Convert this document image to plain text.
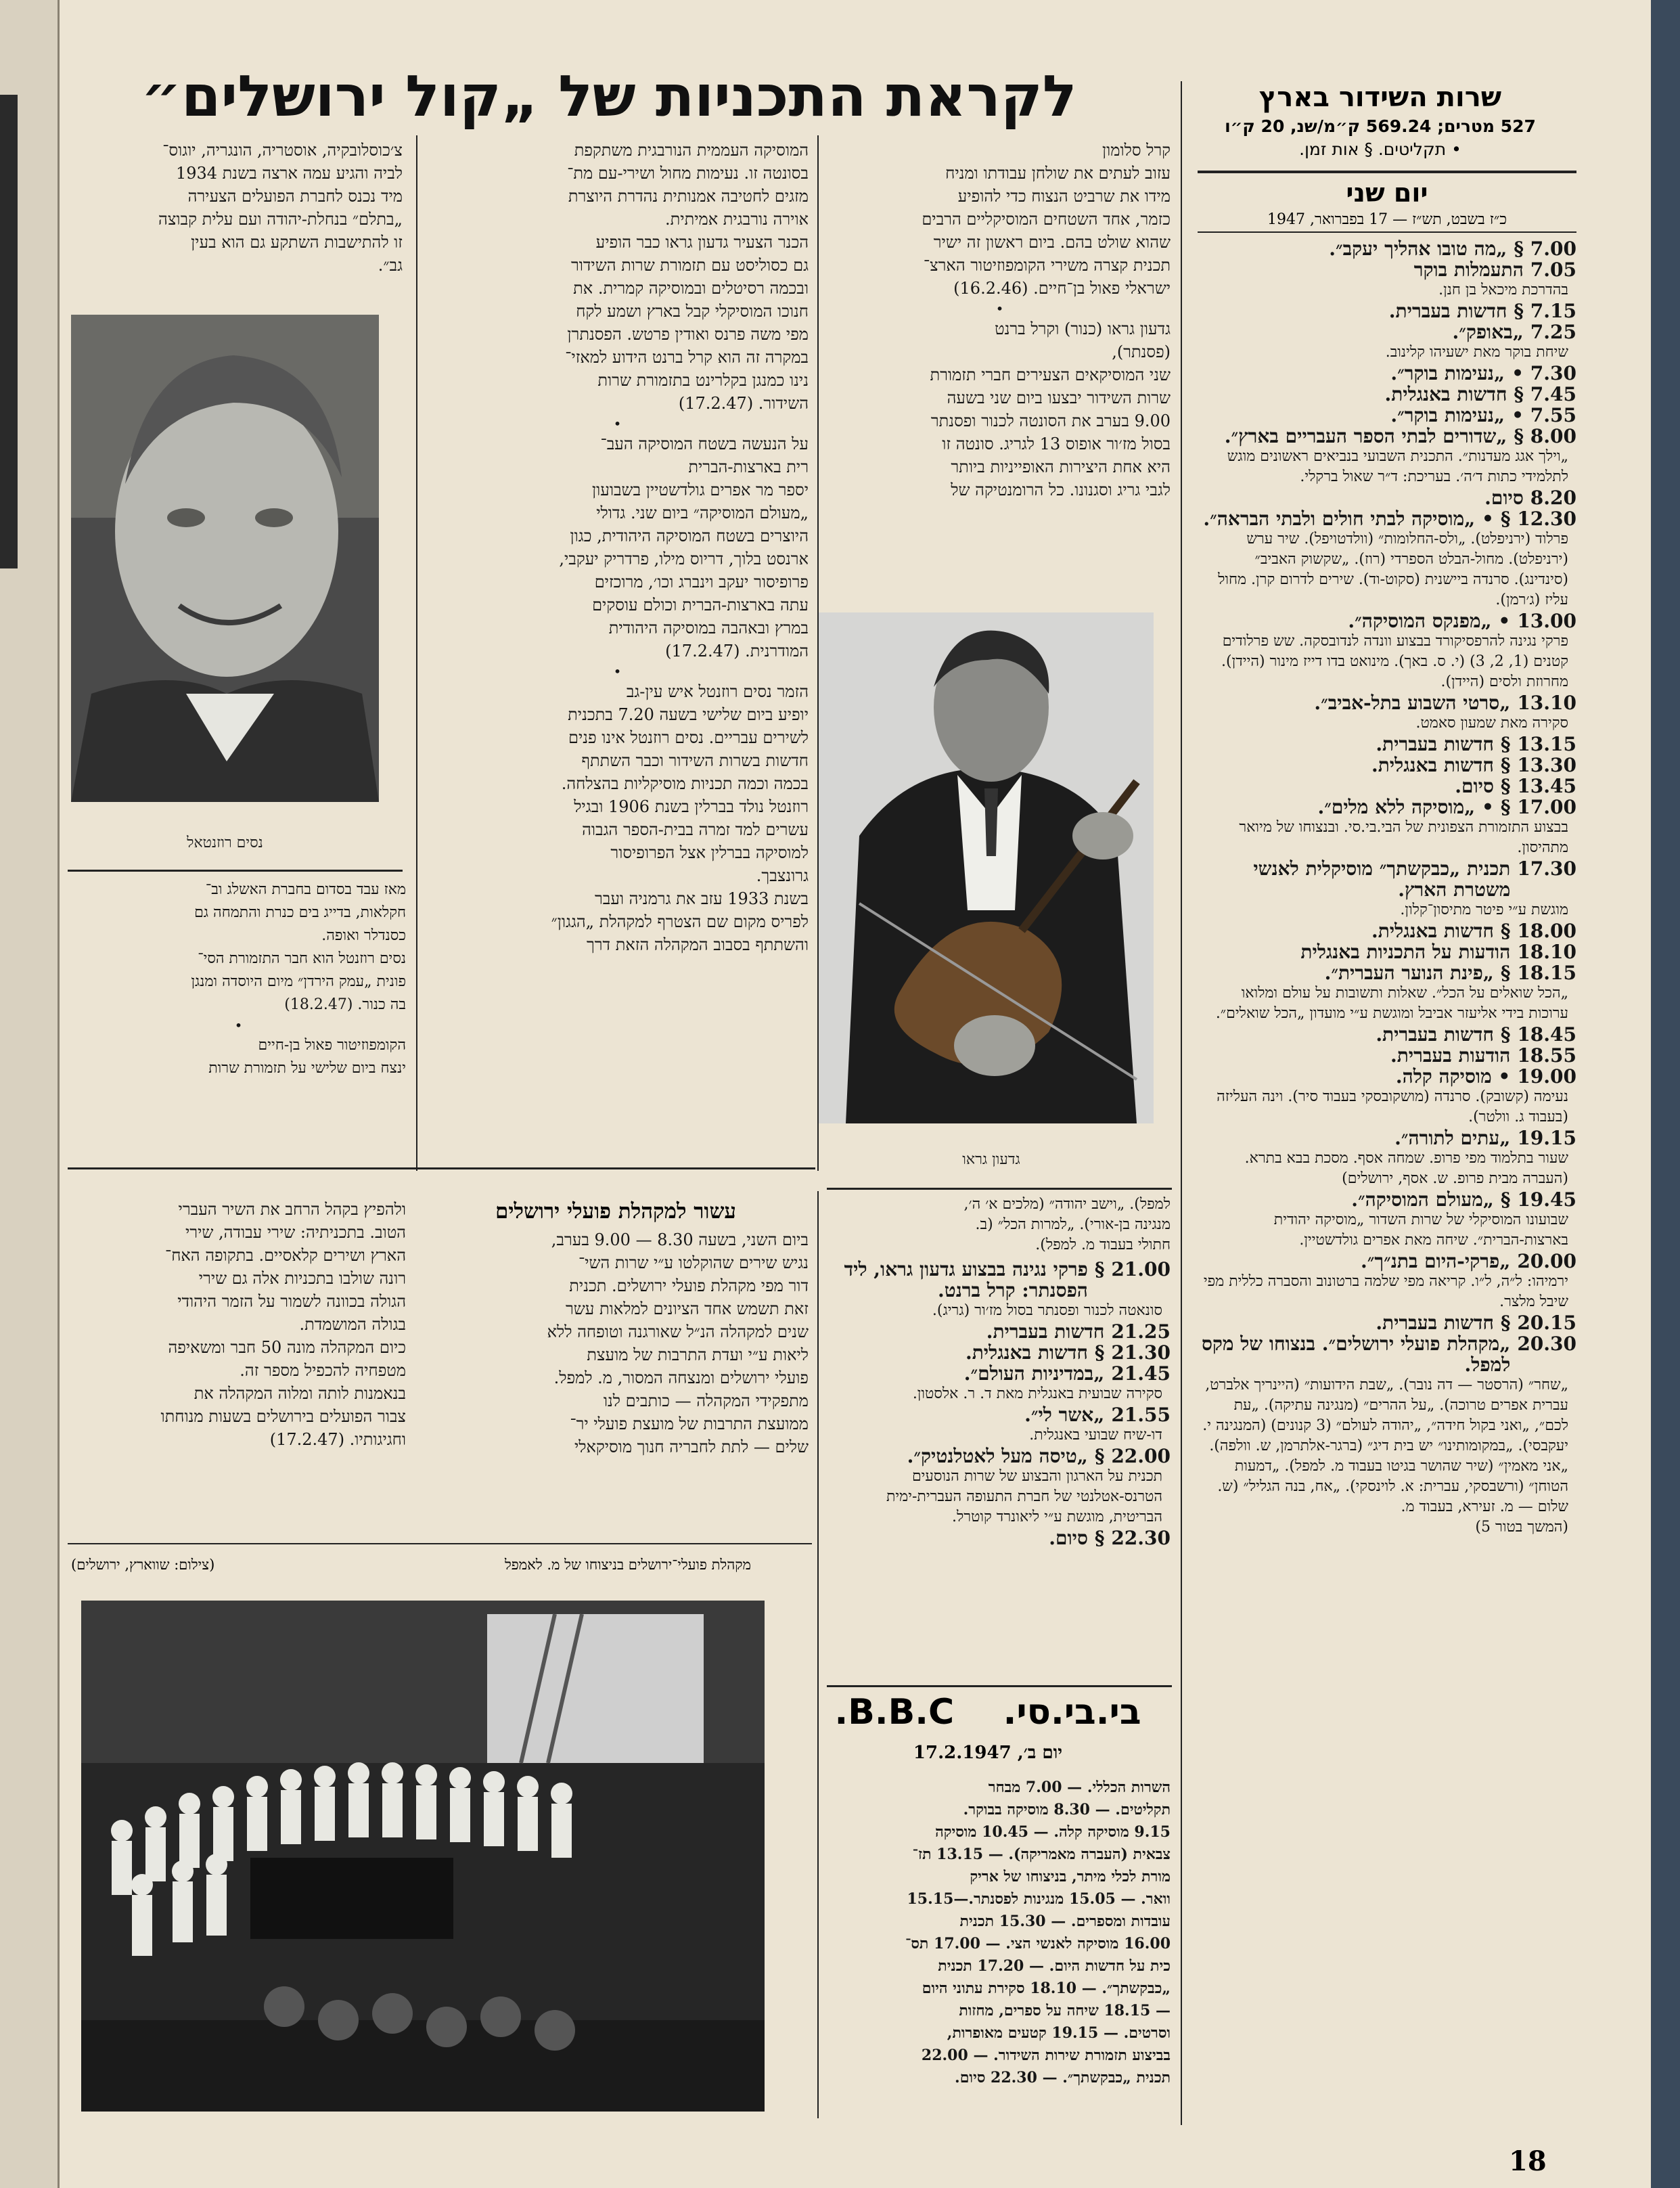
לקראת התכניות של „קול ירושלים״	שרות השידור בארץ
527 מטרים; 569.24 ק״מ/שנ, 20 ק״ו
• תקליטים. § אות זמן.
יום שני
כ״ז בשבט, תש״ז — 17 בפברואר, 1947
7.00 §
„מה טובו אהליך יעקב״.
7.05
התעמלות בוקר
בהדרכת מיכאל בן חנן.
7.15 §
חדשות בעברית.
7.25
„באופק״.
שיחת בוקר מאת ישעיהו קלינוב.
7.30 •
„נעימות בוקר״.
7.45 §
חדשות באנגלית.
7.55 •
„נעימות בוקר״.
8.00 §
„שדורים לבתי הספר העבריים בארץ״.
„וילך אגג מעדנות״. התכנית השבועי בנביאים ראשונים מוגש לתלמידי כתות ד׳ה׳. בעריכת: ד״ר שאול ברקלי.
8.20
סיום.
12.30 §
• „מוסיקה לבתי חולים ולבתי הבראה״.
פרלוד (ירניפלט). „ולס-החלומות״ (וולדטויפל). שיר ערש (ירניפלט). מחול-הבלט הספרדי (רוז). „שקשוק האביב״ (סינדינג). סרנדה ביישנית (סקוט-וד). שירים לדרום קרן. מחול עליז (ג׳רמן).
13.00
• „מפנקס המוסיקה״.
פרקי נגינה להרפסיקורד בבצוע וונדה לנדובסקה. שש פרלודים קטנים (1, 2, 3) (י. ס. באך). מינואט בדו דייז מינור (היידן). מחרוזת ולסים (היידן).
13.10
„סרטי השבוע בתל-אביב״.
סקירה מאת שמעון סאמט.
13.15 §
חדשות בעברית.
13.30 §
חדשות באנגלית.
13.45 §
סיום.
17.00 §
• „מוסיקה ללא מלים״.
בבצוע התזמורת הצפונית של הבי.בי.סי. ובנצוחו של מיואר מתהיסון.
17.30
תכנית „כבקשתך״ מוסיקלית לאנשי משטרת הארץ.
מוגשת ע״י פיטר מתיסון־קלון.
18.00 §
חדשות באנגלית.
18.10
הודעות על התכניות באנגלית
18.15 §
„פינת הנוער העברית״.
„הכל שואלים על הכל״. שאלות ותשובות על עולם ומלואו ערוכות בידי אליעזר אביבל ומוגשת ע״י מועדון „הכל שואלים״.
18.45 §
חדשות בעברית.
18.55
הודעות בעברית.
19.00
• מוסיקה קלה.
נעימה (קשובק). סרנדה (מושקובסקי בעבוד סיר). וינה העליזה (בעבוד ג. וולטר).
19.15
„עתים לתורה״.
שעור בתלמוד מפי פרופ. שמחה אסף. מסכת בבא בתרא. (העברה מבית פרופ. ש. אסף, ירושלים)
19.45 §
„מעולם המוסיקה״.
שבועונו המוסיקלי של שרות השדור „מוסיקה יהודית בארצות-הברית״. שיחה מאת אפרים גולדשטיין.
20.00
„פרקי-היום בתנ״ך״.
ירמיהו: ל״ה, ל״ו. קריאה מפי שלמה ברטונוב והסברה כללית מפי שיבל מלצר.
20.15 §
חדשות בעברית.
20.30
„מקהלת פועלי ירושלים״. בנצוחו של מקס למפל.
„שחר״ (הרסטר — דה נובר). „שבת הידועות״ (היינריך אלברט, עברית אפרים טרוכה). „על ההרים״ (מנגינה עתיקה). „עת לכם״, „ואני בקול חידה״, „יהודה לעולם״ (3 קנונים) (המנגינה י. יעקבסי). „במקומותינו״ יש בית דיג״ (ברגר-אלתרמן, ש. וולפה). „אני מאמין״ (שיר שהושר בגיטו בעבוד מ. למפל). „דמעות הטוחן״ (ורשבסקי, עברית: א. לוינסקי). „אח, בנה הגליל״ (ש. שלום — מ. זעירא, בעבוד מ.
(המשך בטור 5)
קרל סלומון
עזוב לעתים את שולחן עבודתו ומניח
מידו את שרביט הנצוח כדי להופיע
כזמר, אחד השטחים המוסיקליים הרבים
שהוא שולט בהם. ביום ראשון זה ישיר
תכנית קצרה משירי הקומפוזיטור הארצ־
ישראלי פאול בן־חיים. (16.2.46)
•
גדעון גראו (כנור) וקרל ברנט
(פסנתר),
שני המוסיקאים הצעירים חברי תזמורת
שרות השידור יבצעו ביום שני בשעה
9.00 בערב את הסונטה לכנור ופסנתר
בסול מז׳ור אופוס 13 לגריג. סונטה זו
היא אחת היצירות האופייניות ביותר
לגבי גריג וסגנונו. כל הרומנטיקה של
גדעון גראו
המוסיקה העממית הנורבגית משתקפת
בסונטה זו. נעימות מחול ושירי-עם מת־
מזגים לחטיבה אמנותית נהדרת היוצרת
אוירה נורבגית אמיתית.
הכנר הצעיר גדעון גראו כבר הופיע
גם כסוליסט עם תזמורת שרות השידור
ובכמה רסיטלים ובמוסיקה קמרית. את
חנוכו המוסיקלי קבל בארץ ושמע לקח
מפי משה פרנס ואודין פרטש. הפסנתרן
במקרה זה הוא קרל ברנט הידוע למאזי־
נינו כמנגן בקלרינט בתזמורת שרות
השידור. (17.2.47)
•
על הנעשה בשטח המוסיקה העב־
רית בארצות-הברית
יספר מר אפרים גולדשטיין בשבועון
„מעולם המוסיקה״ ביום שני. גדולי
היוצרים בשטח המוסיקה היהודית, כגון
ארנסט בלוך, דריוס מילו, פרדריק יעקבי,
פרופיסור יעקב וינברג וכו׳, מרוכזים
עתה בארצות-הברית וכולם עוסקים
במרץ ובאהבה במוסיקה היהודית
המודרנית. (17.2.47)
•
הזמר נסים רוזנטל איש עין-גב
יופיע ביום שלישי בשעה 7.20 בתכנית
לשירים עבריים. נסים רוזנטל אינו פנים
חדשות בשרות השידור וכבר השתתף
בכמה וכמה תכניות מוסיקליות בהצלחה.
רוזנטל נולד בברלין בשנת 1906 ובגיל
עשרים למד זמרה בבית-הספר הגבוה
למוסיקה בברלין אצל הפרופיסור
גרונצבך.
בשנת 1933 עזב את גרמניה ועבר
לפריס מקום שם הצטרף למקהלת „הגגון״
והשתתף בסבוב המקהלה הזאת דרך
צ׳כוסלובקיה, אוסטריה, הונגריה, יוגוס־
לביה והגיע עמה ארצה בשנת 1934
מיד נכנס לחברת הפועלים הצעירה
„בתלם״ בנחלת-יהודה ועם עלית קבוצה
זו להתישבות השתקע גם הוא בעין
גב״.
נסים רוזנטאל
מאז עבד בסדום בחברת האשלג וב־
חקלאות, בדייג בים כנרת והתמחה גם
כסנדלר ואופה.
נסים רוזנטל הוא חבר התזמורת הסי־
פונית „עמק הירדן״ מיום היוסדה ומנגן
בה כנור. (18.2.47)
•
הקומפוזיטור פאול בן-חיים
ינצח ביום שלישי על תזמורת שרות
למפל). „וישב יהודה״ (מלכים א׳ ה׳,
מנגינה בן-אורי). „למרות הכל״ (ב.
חתולי בעבוד מ. למפל).
21.00 §
פרקי נגינה בבצוע גדעון גראו, ליד הפסנתר: קרל ברנט.
סונאטה לכנור ופסנתר בסול מז׳ור (גריג).
21.25
חדשות בעברית.
21.30 §
חדשות באנגלית.
21.45
„במדיניות העולם״.
סקירה שבועית באנגלית מאת ד. ר. אלסטון.
21.55
„אשר לי״.
דו-שיח שבועי באנגלית.
22.00 §
„טיסה מעל לאטלנטיק״.
תכנית על הארגון והבצוע של שרות הנוסעים הטרנס-אטלנטי של חברת התעופה העברית-ימית הבריטית, מוגשת ע״י ליאונרד קוטרל.
22.30 §
סיום.
בי.בי.סי.    B.B.C.
יום ב׳, 17.2.1947
השרות הכללי. — 7.00 מבחר
תקליטים. — 8.30 מוסיקה בבוקר.
9.15 מוסיקה קלה. — 10.45 מוסיקה
צבאית (העברה מאמריקה). — 13.15 תז־
מורת לכלי מיתר, בניצוחו של אריק
וואר. — 15.05 מנגינות לפסנתר.—15.15
עובדות ומספרים. — 15.30 תכנית
16.00 מוסיקה לאנשי הצי. — 17.00 תס־
כית על חדשות היום. — 17.20 תכנית
„כבקשתך״. — 18.10 סקירת עתוני היום
— 18.15 שיחה על ספרים, מחזות
וסרטים. — 19.15 קטעים מאופרות,
בביצוע תזמורת שירות השידור. — 22.00
תכנית „כבקשתך״. — 22.30 סיום.
עשור למקהלת פועלי ירושלים
ביום השני, בשעה 8.30 — 9.00 בערב,
נגיש שירים שהוקלטו ע״י שרות השי־
דור מפי מקהלת פועלי ירושלים. תכנית
זאת תשמש אחד הציונים למלאות עשר
שנים למקהלה הנ״ל שאורגנה וטופחה ללא
ליאות ע״י ועדת התרבות של מועצת
פועלי ירושלים ומנצחה המסור, מ. למפל.
מתפקידי המקהלה — כותבים לנו
ממועצת התרבות של מועצת פועלי יר־
שלים — לתת לחבריה חנוך מוסיקאלי
ולהפיץ בקהל הרחב את השיר העברי
הטוב. בתכניתיה: שירי עבודה, שירי
הארץ ושירים קלאסיים. בתקופה האח־
רונה שולבו בתכניות אלה גם שירי
הגולה בכוונה לשמור על הזמר היהודי
בגולה המושמדת.
כיום המקהלה מונה 50 חבר ומשאיפה
מטפחיה להכפיל מספר זה.
בנאמנות לותה ומלוה המקהלה את
צבור הפועלים בירושלים בשעות מנוחתו
וחגיגותיו. (17.2.47)
מקהלת פועלי־ירושלים בניצוחו של מ. לאמפל
(צילום: שווארץ, ירושלים)
18
